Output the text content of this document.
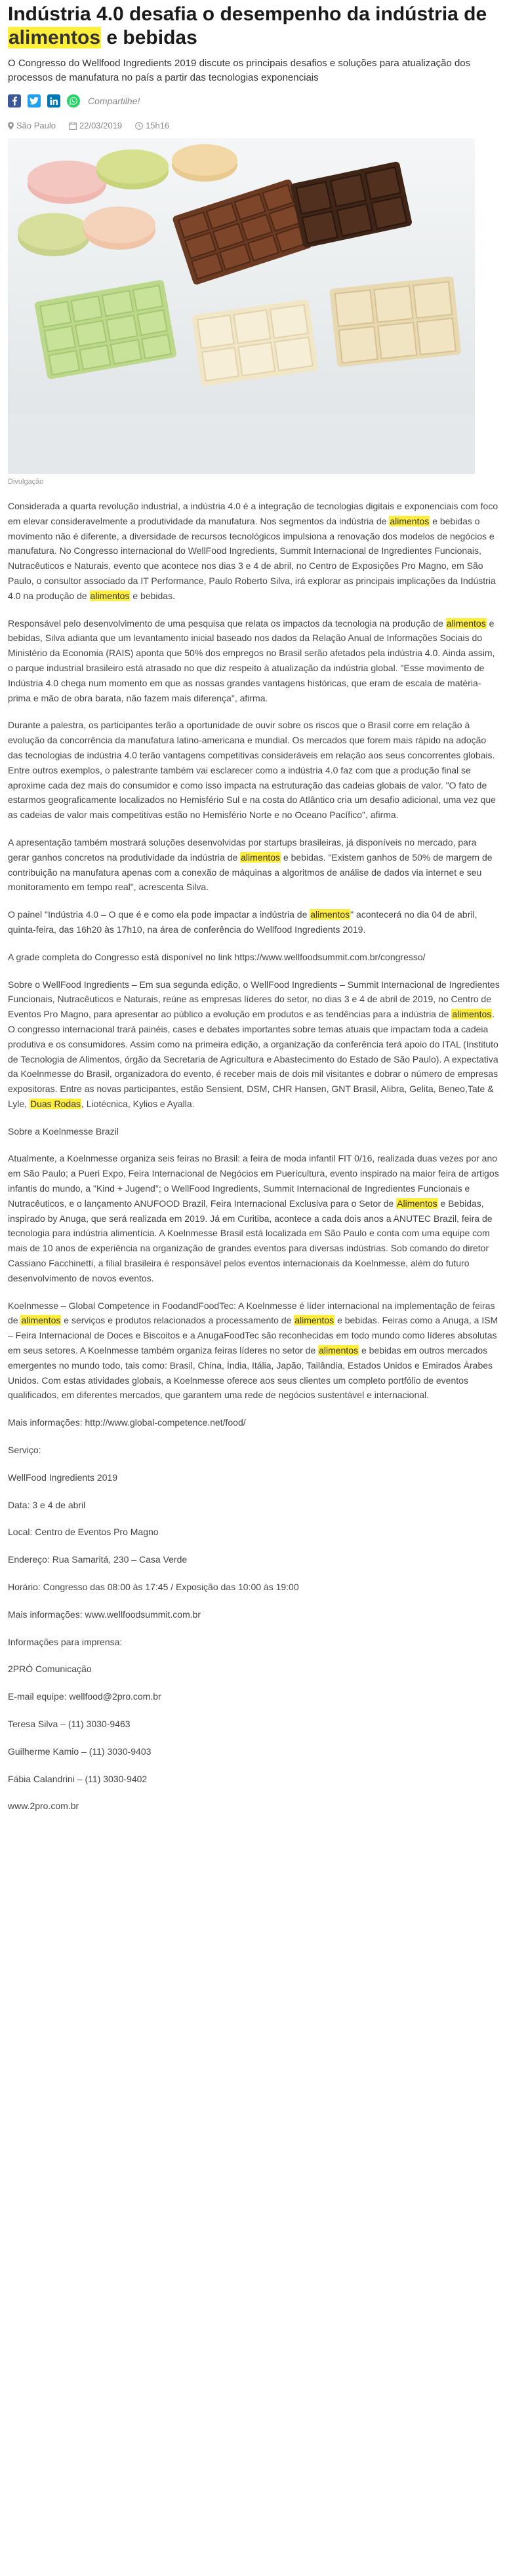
Indústria 4.0 desafia o desempenho da indústria de alimentos e bebidas

O Congresso do Wellfood Ingredients 2019 discute os principais desafios e soluções para atualização dos processos de manufatura no país a partir das tecnologias exponenciais

Compartilhe!
São Paulo	22/03/2019	15h16
Divulgação

Considerada a quarta revolução industrial, a indústria 4.0 é a integração de tecnologias digitais e exponenciais com foco em elevar consideravelmente a produtividade da manufatura. Nos segmentos da indústria de alimentos e bebidas o movimento não é diferente, a diversidade de recursos tecnológicos impulsiona a renovação dos modelos de negócios e manufatura. No Congresso internacional do WellFood Ingredients, Summit Internacional de Ingredientes Funcionais, Nutracêuticos e Naturais, evento que acontece nos dias 3 e 4 de abril, no Centro de Exposições Pro Magno, em São Paulo, o consultor associado da IT Performance, Paulo Roberto Silva, irá explorar as principais implicações da Indústria 4.0 na produção de alimentos e bebidas.

Responsável pelo desenvolvimento de uma pesquisa que relata os impactos da tecnologia na produção de alimentos e bebidas, Silva adianta que um levantamento inicial baseado nos dados da Relação Anual de Informações Sociais do Ministério da Economia (RAIS) aponta que 50% dos empregos no Brasil serão afetados pela indústria 4.0. Ainda assim, o parque industrial brasileiro está atrasado no que diz respeito à atualização da indústria global. "Esse movimento de Indústria 4.0 chega num momento em que as nossas grandes vantagens históricas, que eram de escala de matéria-prima e mão de obra barata, não fazem mais diferença", afirma.

Durante a palestra, os participantes terão a oportunidade de ouvir sobre os riscos que o Brasil corre em relação à evolução da concorrência da manufatura latino-americana e mundial. Os mercados que forem mais rápido na adoção das tecnologias de indústria 4.0 terão vantagens competitivas consideráveis em relação aos seus concorrentes globais. Entre outros exemplos, o palestrante também vai esclarecer como a indústria 4.0 faz com que a produção final se aproxime cada dez mais do consumidor e como isso impacta na estruturação das cadeias globais de valor. "O fato de estarmos geograficamente localizados no Hemisfério Sul e na costa do Atlântico cria um desafio adicional, uma vez que as cadeias de valor mais competitivas estão no Hemisfério Norte e no Oceano Pacífico", afirma.

A apresentação também mostrará soluções desenvolvidas por startups brasileiras, já disponíveis no mercado, para gerar ganhos concretos na produtividade da indústria de alimentos e bebidas. "Existem ganhos de 50% de margem de contribuição na manufatura apenas com a conexão de máquinas a algoritmos de análise de dados via internet e seu monitoramento em tempo real", acrescenta Silva.

O painel "Indústria 4.0 – O que é e como ela pode impactar a indústria de alimentos" acontecerá no dia 04 de abril, quinta-feira, das 16h20 às 17h10, na área de conferência do Wellfood Ingredients 2019.

A grade completa do Congresso está disponível no link https://www.wellfoodsummit.com.br/congresso/

Sobre o WellFood Ingredients – Em sua segunda edição, o WellFood Ingredients – Summit Internacional de Ingredientes Funcionais, Nutracêuticos e Naturais, reúne as empresas líderes do setor, no dias 3 e 4 de abril de 2019, no Centro de Eventos Pro Magno, para apresentar ao público a evolução em produtos e as tendências para a indústria de alimentos. O congresso internacional trará painéis, cases e debates importantes sobre temas atuais que impactam toda a cadeia produtiva e os consumidores. Assim como na primeira edição, a organização da conferência terá apoio do ITAL (Instituto de Tecnologia de Alimentos, órgão da Secretaria de Agricultura e Abastecimento do Estado de São Paulo). A expectativa da Koelnmesse do Brasil, organizadora do evento, é receber mais de dois mil visitantes e dobrar o número de empresas expositoras. Entre as novas participantes, estão Sensient, DSM, CHR Hansen, GNT Brasil, Alibra, Gelita, Beneo,Tate & Lyle, Duas Rodas, Liotécnica, Kylios e Ayalla.

Sobre a Koelnmesse Brazil

Atualmente, a Koelnmesse organiza seis feiras no Brasil: a feira de moda infantil FIT 0/16, realizada duas vezes por ano em São Paulo; a Pueri Expo, Feira Internacional de Negócios em Puericultura, evento inspirado na maior feira de artigos infantis do mundo, a "Kind + Jugend"; o WellFood Ingredients, Summit Internacional de Ingredientes Funcionais e Nutracêuticos, e o lançamento ANUFOOD Brazil, Feira Internacional Exclusiva para o Setor de Alimentos e Bebidas, inspirado by Anuga, que será realizada em 2019. Já em Curitiba, acontece a cada dois anos a ANUTEC Brazil, feira de tecnologia para indústria alimentícia. A Koelnmesse Brasil está localizada em São Paulo e conta com uma equipe com mais de 10 anos de experiência na organização de grandes eventos para diversas indústrias. Sob comando do diretor Cassiano Facchinetti, a filial brasileira é responsável pelos eventos internacionais da Koelnmesse, além do futuro desenvolvimento de novos eventos.

Koelnmesse – Global Competence in FoodandFoodTec: A Koelnmesse é líder internacional na implementação de feiras de alimentos e serviços e produtos relacionados a processamento de alimentos e bebidas. Feiras como a Anuga, a ISM – Feira Internacional de Doces e Biscoitos e a AnugaFoodTec são reconhecidas em todo mundo como líderes absolutas em seus setores. A Koelnmesse também organiza feiras líderes no setor de alimentos e bebidas em outros mercados emergentes no mundo todo, tais como: Brasil, China, Índia, Itália, Japão, Tailândia, Estados Unidos e Emirados Árabes Unidos. Com estas atividades globais, a Koelnmesse oferece aos seus clientes um completo portfólio de eventos qualificados, em diferentes mercados, que garantem uma rede de negócios sustentável e internacional.

Mais informações: http://www.global-competence.net/food/

Serviço:

WellFood Ingredients 2019

Data: 3 e 4 de abril

Local: Centro de Eventos Pro Magno

Endereço: Rua Samaritá, 230 – Casa Verde

Horário: Congresso das 08:00 às 17:45 / Exposição das 10:00 às 19:00

Mais informações: www.wellfoodsummit.com.br

Informações para imprensa:

2PRÓ Comunicação

E-mail equipe: wellfood@2pro.com.br

Teresa Silva – (11) 3030-9463

Guilherme Kamio – (11) 3030-9403

Fábia Calandrini – (11) 3030-9402

www.2pro.com.br
